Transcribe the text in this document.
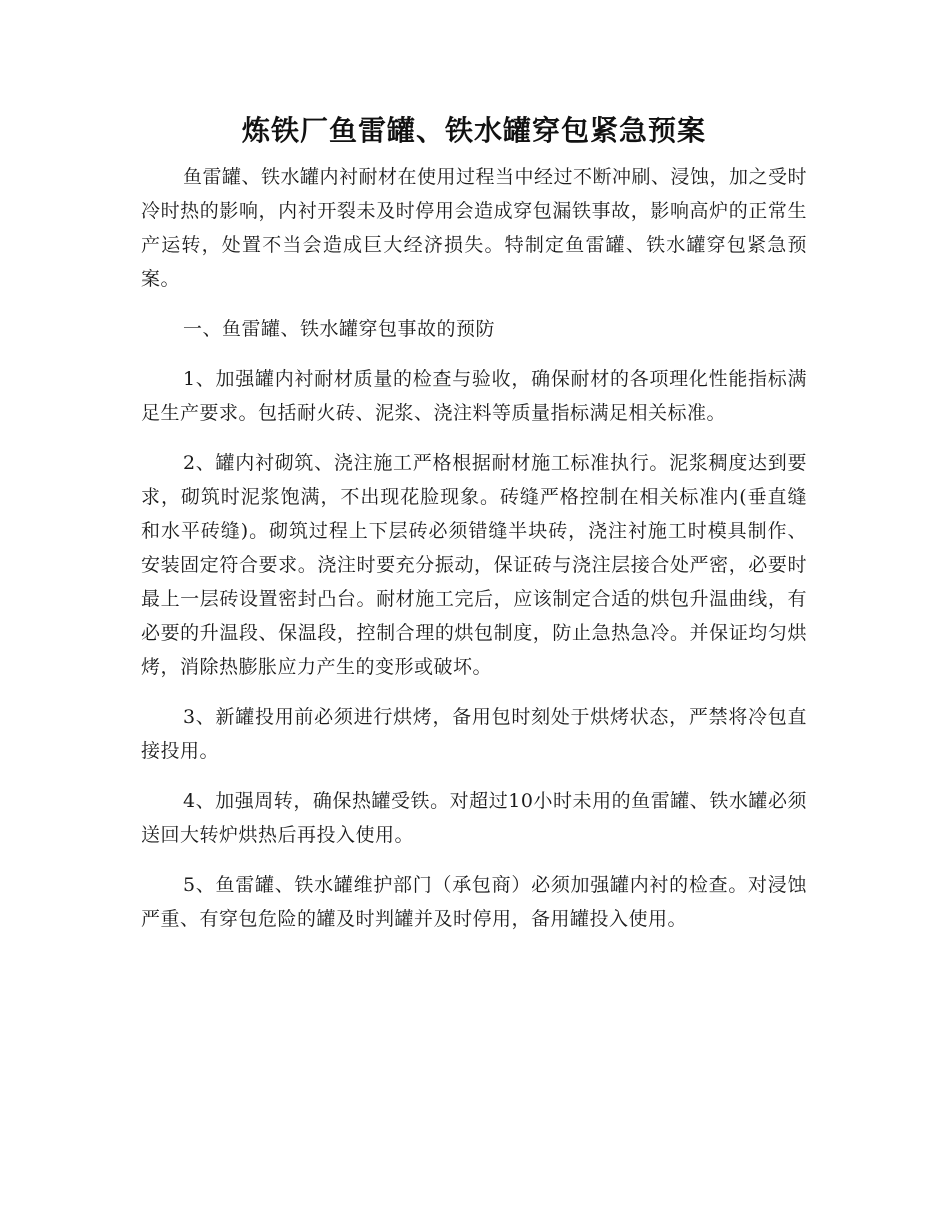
炼铁厂鱼雷罐、铁水罐穿包紧急预案

鱼雷罐、铁水罐内衬耐材在使用过程当中经过不断冲刷、浸蚀，加之受时冷时热的影响，内衬开裂未及时停用会造成穿包漏铁事故，影响高炉的正常生产运转，处置不当会造成巨大经济损失。特制定鱼雷罐、铁水罐穿包紧急预案。

一、鱼雷罐、铁水罐穿包事故的预防

1、加强罐内衬耐材质量的检查与验收，确保耐材的各项理化性能指标满足生产要求。包括耐火砖、泥浆、浇注料等质量指标满足相关标准。

2、罐内衬砌筑、浇注施工严格根据耐材施工标准执行。泥浆稠度达到要求，砌筑时泥浆饱满，不出现花脸现象。砖缝严格控制在相关标准内(垂直缝和水平砖缝)。砌筑过程上下层砖必须错缝半块砖，浇注衬施工时模具制作、安装固定符合要求。浇注时要充分振动，保证砖与浇注层接合处严密，必要时最上一层砖设置密封凸台。耐材施工完后，应该制定合适的烘包升温曲线，有必要的升温段、保温段，控制合理的烘包制度，防止急热急冷。并保证均匀烘烤，消除热膨胀应力产生的变形或破坏。

3、新罐投用前必须进行烘烤，备用包时刻处于烘烤状态，严禁将冷包直接投用。

4、加强周转，确保热罐受铁。对超过10小时未用的鱼雷罐、铁水罐必须送回大转炉烘热后再投入使用。

5、鱼雷罐、铁水罐维护部门（承包商）必须加强罐内衬的检查。对浸蚀严重、有穿包危险的罐及时判罐并及时停用，备用罐投入使用。
